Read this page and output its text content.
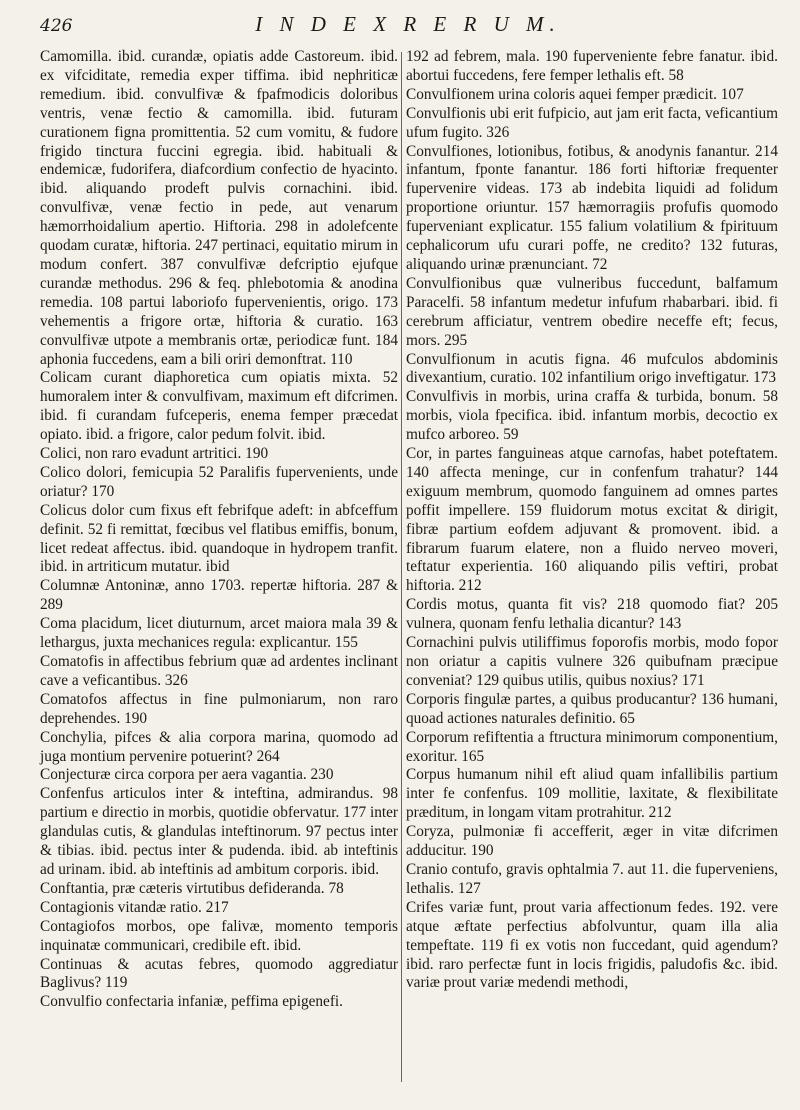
426	I N D E X R E R U M.

Camomilla. ibid. curandæ, opiatis adde Castoreum. ibid. ex vifciditate, remedia exper tiffima. ibid nephriticæ remedium. ibid. convulfivæ & fpafmodicis doloribus ventris, venæ fectio & camomilla. ibid. futuram curationem figna promittentia. 52 cum vomitu, & fudore frigido tinctura fuccini egregia. ibid. habituali & endemicæ, fudorifera, diafcordium confectio de hyacinto. ibid. aliquando prodeft pulvis cornachini. ibid. convulfivæ, venæ fectio in pede, aut venarum hæmorrhoidalium apertio. Hiftoria. 298 in adolefcente quodam curatæ, hiftoria. 247 pertinaci, equitatio mirum in modum confert. 387 convulfivæ defcriptio ejufque curandæ methodus. 296 & feq. phlebotomia & anodina remedia. 108 partui laboriofo fupervenientis, origo. 173 vehementis a frigore ortæ, hiftoria & curatio. 163 convulfivæ utpote a membranis ortæ, periodicæ funt. 184 aphonia fuccedens, eam a bili oriri demonftrat. 110

Colicam curant diaphoretica cum opiatis mixta. 52 humoralem inter & convulfivam, maximum eft difcrimen. ibid. fi curandam fufceperis, enema femper præcedat opiato. ibid. a frigore, calor pedum folvit. ibid.

Colici, non raro evadunt artritici. 190

Colico dolori, femicupia 52 Paralifis fupervenients, unde oriatur? 170

Colicus dolor cum fixus eft febrifque adeft: in abfceffum definit. 52 fi remittat, fœcibus vel flatibus emiffis, bonum, licet redeat affectus. ibid. quandoque in hydropem tranfit. ibid. in artriticum mutatur. ibid

Columnæ Antoninæ, anno 1703. repertæ hiftoria. 287 & 289

Coma placidum, licet diuturnum, arcet maiora mala 39 & lethargus, juxta mechanices regula: explicantur. 155

Comatofis in affectibus febrium quæ ad ardentes inclinant cave a veficantibus. 326

Comatofos affectus in fine pulmoniarum, non raro deprehendes. 190

Conchylia, pifces & alia corpora marina, quomodo ad juga montium pervenire potuerint? 264

Conjecturæ circa corpora per aera vagantia. 230

Confenfus articulos inter & inteftina, admirandus. 98 partium e directio in morbis, quotidie obfervatur. 177 inter glandulas cutis, & glandulas inteftinorum. 97 pectus inter & tibias. ibid. pectus inter & pudenda. ibid. ab inteftinis ad urinam. ibid. ab inteftinis ad ambitum corporis. ibid.

Conftantia, præ cæteris virtutibus defideranda. 78

Contagionis vitandæ ratio. 217

Contagiofos morbos, ope falivæ, momento temporis inquinatæ communicari, credibile eft. ibid.

Continuas & acutas febres, quomodo aggrediatur Baglivus? 119

Convulfio confectaria infaniæ, peffima epigenefi.

192 ad febrem, mala. 190 fuperveniente febre fanatur. ibid. abortui fuccedens, fere femper lethalis eft. 58

Convulfionem urina coloris aquei femper prædicit. 107

Convulfionis ubi erit fufpicio, aut jam erit facta, veficantium ufum fugito. 326

Convulfiones, lotionibus, fotibus, & anodynis fanantur. 214 infantum, fponte fanantur. 186 forti hiftoriæ frequenter fupervenire videas. 173 ab indebita liquidi ad folidum proportione oriuntur. 157 hæmorragiis profufis quomodo fuperveniant explicatur. 155 falium volatilium & fpirituum cephalicorum ufu curari poffe, ne credito? 132 futuras, aliquando urinæ prænunciant. 72

Convulfionibus quæ vulneribus fuccedunt, balfamum Paracelfi. 58 infantum medetur infufum rhabarbari. ibid. fi cerebrum afficiatur, ventrem obedire neceffe eft; fecus, mors. 295

Convulfionum in acutis figna. 46 mufculos abdominis divexantium, curatio. 102 infantilium origo inveftigatur. 173

Convulfivis in morbis, urina craffa & turbida, bonum. 58 morbis, viola fpecifica. ibid. infantum morbis, decoctio ex mufco arboreo. 59

Cor, in partes fanguineas atque carnofas, habet poteftatem. 140 affecta meninge, cur in confenfum trahatur? 144 exiguum membrum, quomodo fanguinem ad omnes partes poffit impellere. 159 fluidorum motus excitat & dirigit, fibræ partium eofdem adjuvant & promovent. ibid. a fibrarum fuarum elatere, non a fluido nerveo moveri, teftatur experientia. 160 aliquando pilis veftiri, probat hiftoria. 212

Cordis motus, quanta fit vis? 218 quomodo fiat? 205 vulnera, quonam fenfu lethalia dicantur? 143

Cornachini pulvis utiliffimus foporofis morbis, modo fopor non oriatur a capitis vulnere 326 quibufnam præcipue conveniat? 129 quibus utilis, quibus noxius? 171

Corporis fingulæ partes, a quibus producantur? 136 humani, quoad actiones naturales definitio. 65

Corporum refiftentia a ftructura minimorum componentium, exoritur. 165

Corpus humanum nihil eft aliud quam infallibilis partium inter fe confenfus. 109 mollitie, laxitate, & flexibilitate præditum, in longam vitam protrahitur. 212

Coryza, pulmoniæ fi accefferit, æger in vitæ difcrimen adducitur. 190

Cranio contufo, gravis ophtalmia 7. aut 11. die fuperveniens, lethalis. 127

Crifes variæ funt, prout varia affectionum fedes. 192. vere atque æftate perfectius abfolvuntur, quam illa alia tempeftate. 119 fi ex votis non fuccedant, quid agendum? ibid. raro perfectæ funt in locis frigidis, paludofis &c. ibid. variæ prout variæ medendi methodi,
